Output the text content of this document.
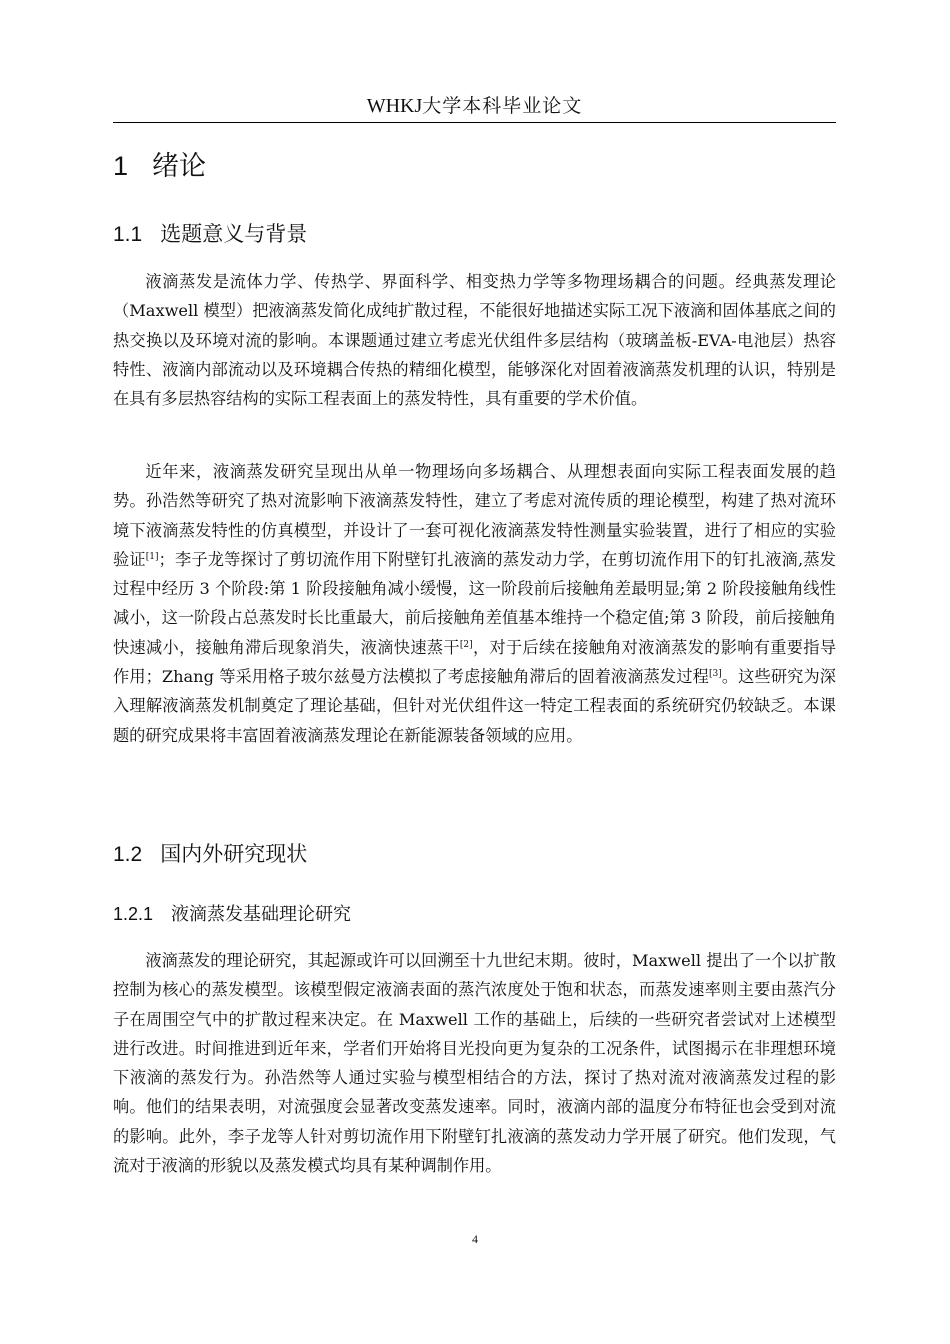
WHKJ大学本科毕业论文
1 绪论
1.1 选题意义与背景

液滴蒸发是流体力学、传热学、界面科学、相变热力学等多物理场耦合的问题。经典蒸发理论（Maxwell 模型）把液滴蒸发简化成纯扩散过程，不能很好地描述实际工况下液滴和固体基底之间的热交换以及环境对流的影响。本课题通过建立考虑光伏组件多层结构（玻璃盖板-EVA-电池层）热容特性、液滴内部流动以及环境耦合传热的精细化模型，能够深化对固着液滴蒸发机理的认识，特别是在具有多层热容结构的实际工程表面上的蒸发特性，具有重要的学术价值。

近年来，液滴蒸发研究呈现出从单一物理场向多场耦合、从理想表面向实际工程表面发展的趋势。孙浩然等研究了热对流影响下液滴蒸发特性，建立了考虑对流传质的理论模型，构建了热对流环境下液滴蒸发特性的仿真模型，并设计了一套可视化液滴蒸发特性测量实验装置，进行了相应的实验验证[1]；李子龙等探讨了剪切流作用下附壁钉扎液滴的蒸发动力学，在剪切流作用下的钉扎液滴,蒸发过程中经历 3 个阶段:第 1 阶段接触角减小缓慢，这一阶段前后接触角差最明显;第 2 阶段接触角线性减小，这一阶段占总蒸发时长比重最大，前后接触角差值基本维持一个稳定值;第 3 阶段，前后接触角快速减小，接触角滞后现象消失，液滴快速蒸干[2]，对于后续在接触角对液滴蒸发的影响有重要指导作用；Zhang 等采用格子玻尔兹曼方法模拟了考虑接触角滞后的固着液滴蒸发过程[3]。这些研究为深入理解液滴蒸发机制奠定了理论基础，但针对光伏组件这一特定工程表面的系统研究仍较缺乏。本课题的研究成果将丰富固着液滴蒸发理论在新能源装备领域的应用。

1.2 国内外研究现状
1.2.1 液滴蒸发基础理论研究

液滴蒸发的理论研究，其起源或许可以回溯至十九世纪末期。彼时，Maxwell 提出了一个以扩散控制为核心的蒸发模型。该模型假定液滴表面的蒸汽浓度处于饱和状态，而蒸发速率则主要由蒸汽分子在周围空气中的扩散过程来决定。在 Maxwell 工作的基础上，后续的一些研究者尝试对上述模型进行改进。时间推进到近年来，学者们开始将目光投向更为复杂的工况条件，试图揭示在非理想环境下液滴的蒸发行为。孙浩然等人通过实验与模型相结合的方法，探讨了热对流对液滴蒸发过程的影响。他们的结果表明，对流强度会显著改变蒸发速率。同时，液滴内部的温度分布特征也会受到对流的影响。此外，李子龙等人针对剪切流作用下附壁钉扎液滴的蒸发动力学开展了研究。他们发现，气流对于液滴的形貌以及蒸发模式均具有某种调制作用。

4
